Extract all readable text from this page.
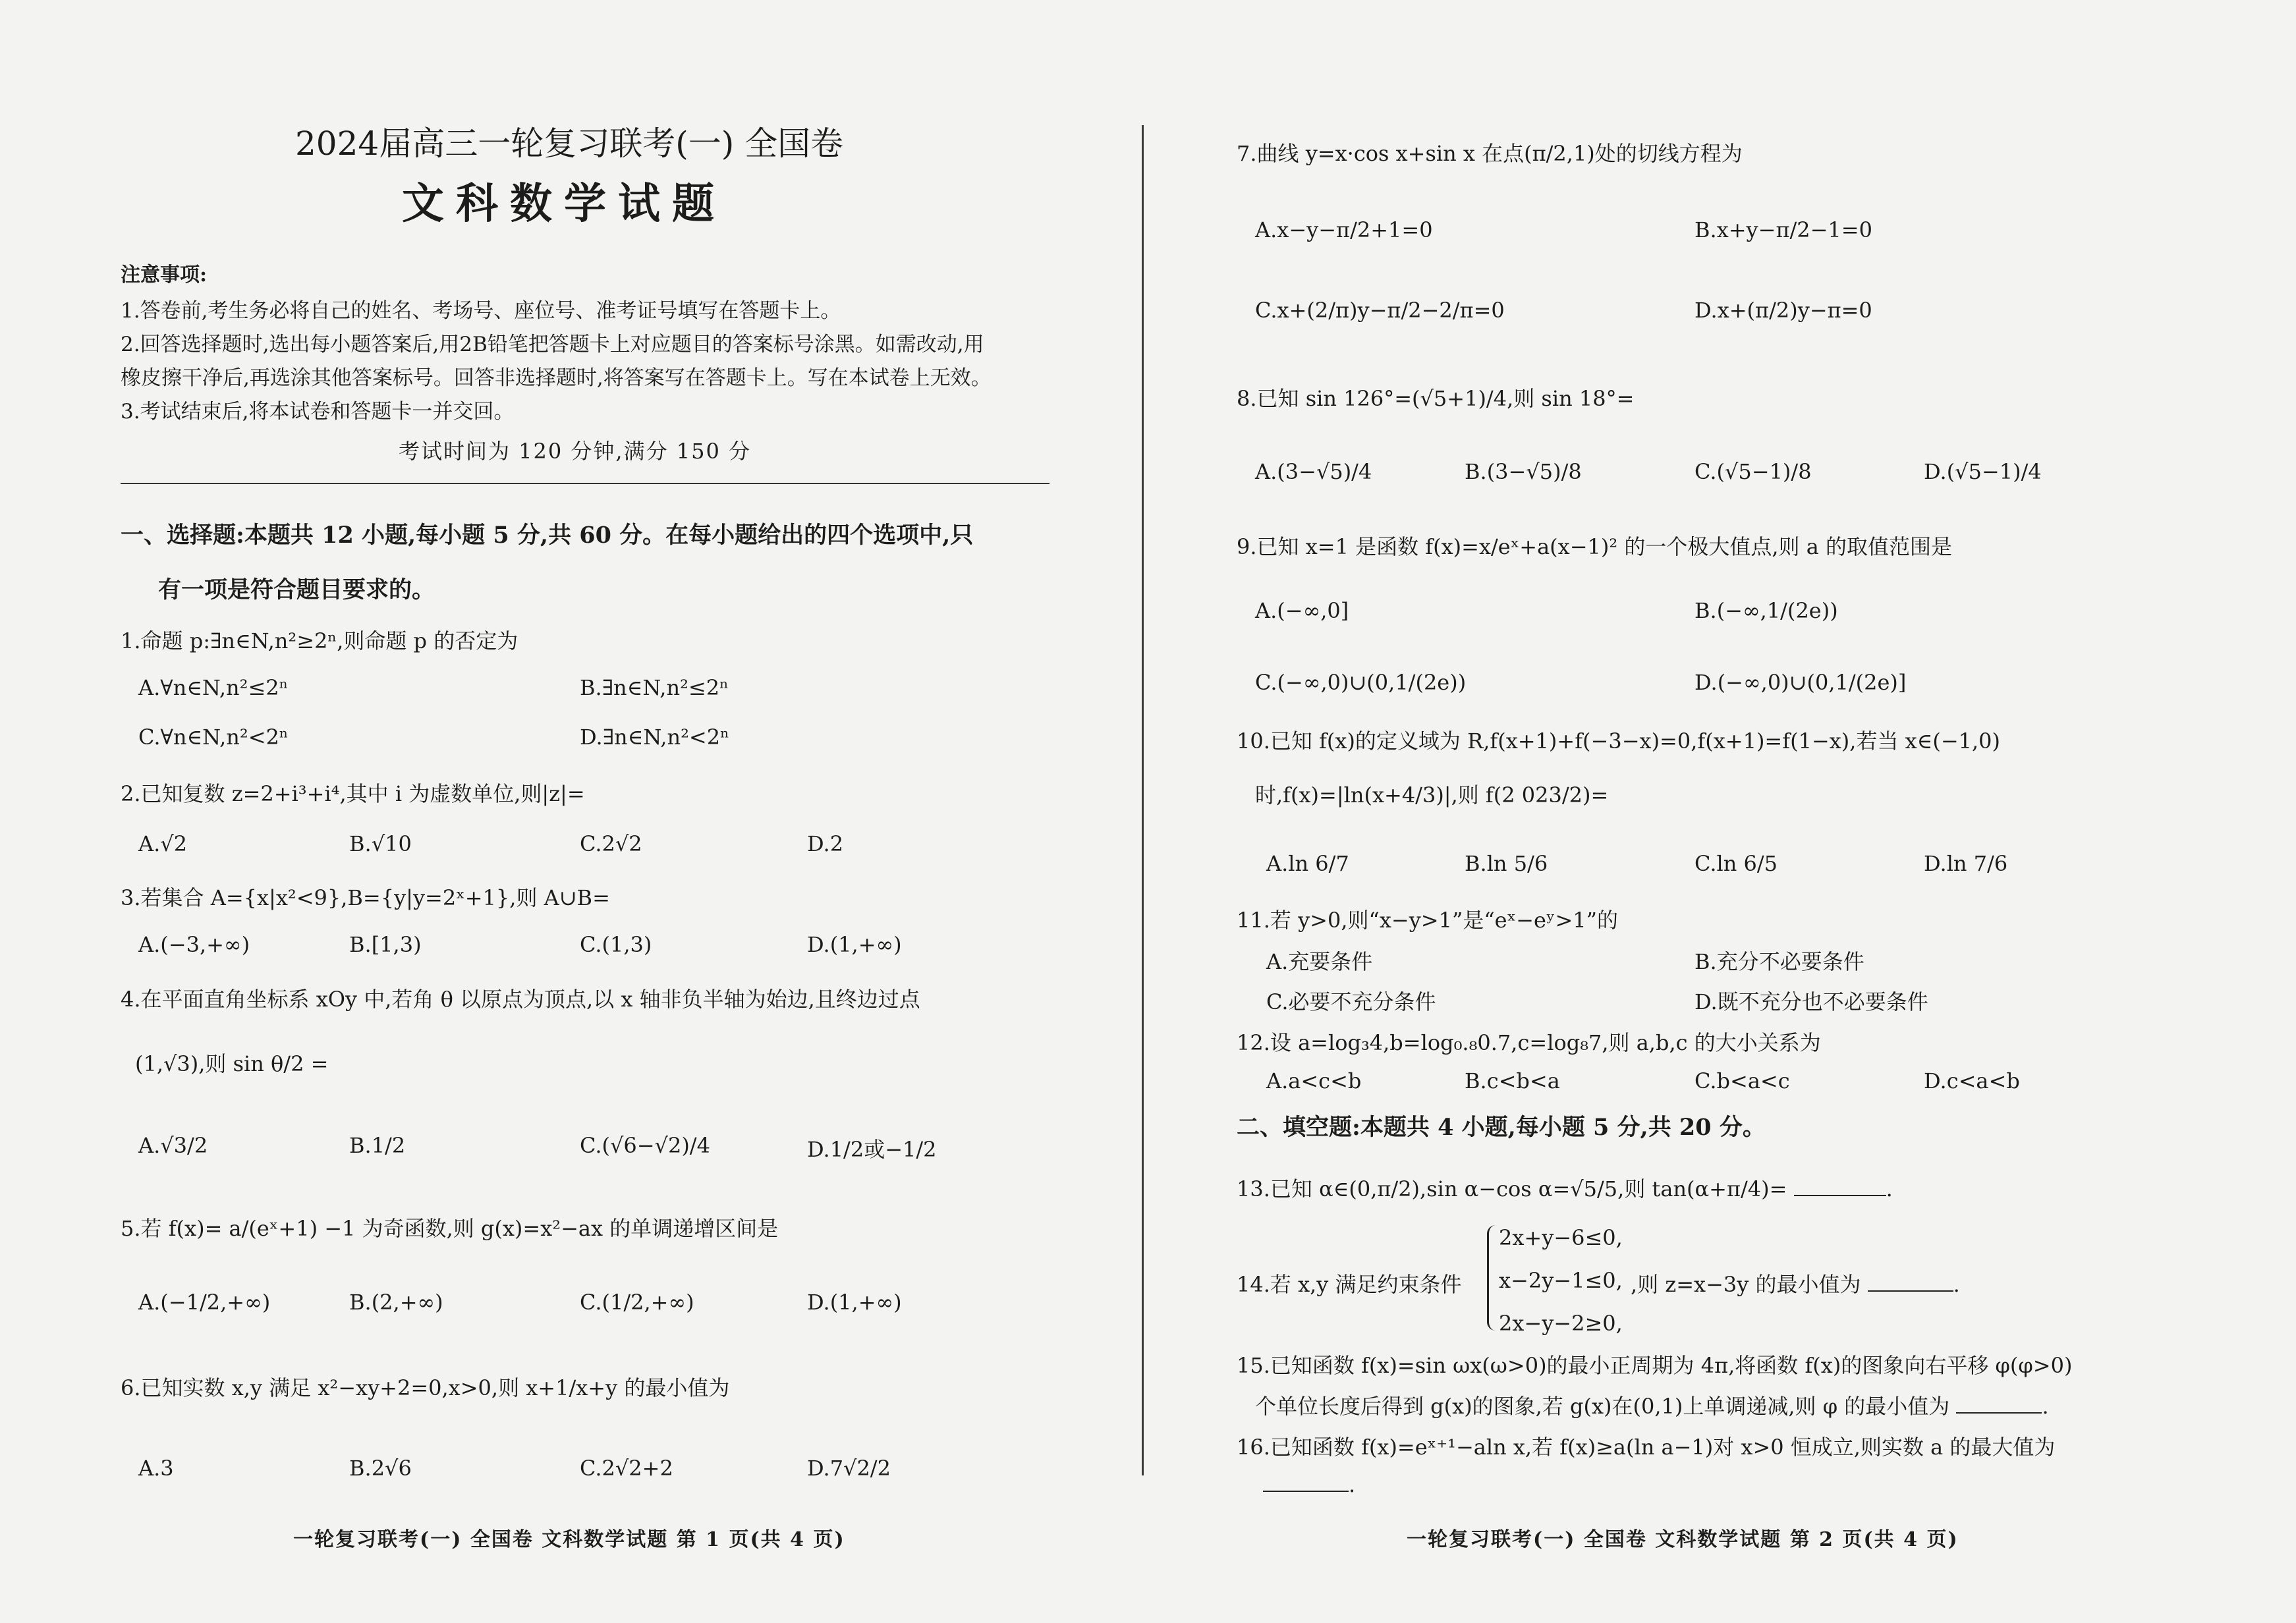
2024届高三一轮复习联考(一) 全国卷
文科数学试题
注意事项:
1.答卷前,考生务必将自己的姓名、考场号、座位号、准考证号填写在答题卡上。
2.回答选择题时,选出每小题答案后,用2B铅笔把答题卡上对应题目的答案标号涂黑。如需改动,用
橡皮擦干净后,再选涂其他答案标号。回答非选择题时,将答案写在答题卡上。写在本试卷上无效。
3.考试结束后,将本试卷和答题卡一并交回。
考试时间为 120 分钟,满分 150 分
一、选择题:本题共 12 小题,每小题 5 分,共 60 分。在每小题给出的四个选项中,只
有一项是符合题目要求的。
1.命题 p:∃n∈N,n²≥2ⁿ,则命题 p 的否定为
A.∀n∈N,n²≤2ⁿ	B.∃n∈N,n²≤2ⁿ
C.∀n∈N,n²<2ⁿ	D.∃n∈N,n²<2ⁿ
2.已知复数 z=2+i³+i⁴,其中 i 为虚数单位,则|z|=
A.√2	B.√10	C.2√2	D.2
3.若集合 A={x|x²<9},B={y|y=2ˣ+1},则 A∪B=
A.(−3,+∞)	B.[1,3)	C.(1,3)	D.(1,+∞)
4.在平面直角坐标系 xOy 中,若角 θ 以原点为顶点,以 x 轴非负半轴为始边,且终边过点
(1,√3),则 sin θ/2 =
A.√3/2	B.1/2	C.(√6−√2)/4	D.1/2或−1/2
5.若 f(x)= a/(eˣ+1) −1 为奇函数,则 g(x)=x²−ax 的单调递增区间是
A.(−1/2,+∞)	B.(2,+∞)	C.(1/2,+∞)	D.(1,+∞)
6.已知实数 x,y 满足 x²−xy+2=0,x>0,则 x+1/x+y 的最小值为
A.3	B.2√6	C.2√2+2	D.7√2/2
一轮复习联考(一) 全国卷 文科数学试题 第 1 页(共 4 页)
7.曲线 y=x·cos x+sin x 在点(π/2,1)处的切线方程为
A.x−y−π/2+1=0	B.x+y−π/2−1=0
C.x+(2/π)y−π/2−2/π=0	D.x+(π/2)y−π=0
8.已知 sin 126°=(√5+1)/4,则 sin 18°=
A.(3−√5)/4	B.(3−√5)/8	C.(√5−1)/8	D.(√5−1)/4
9.已知 x=1 是函数 f(x)=x/eˣ+a(x−1)² 的一个极大值点,则 a 的取值范围是
A.(−∞,0]	B.(−∞,1/(2e))
C.(−∞,0)∪(0,1/(2e))	D.(−∞,0)∪(0,1/(2e)]
10.已知 f(x)的定义域为 R,f(x+1)+f(−3−x)=0,f(x+1)=f(1−x),若当 x∈(−1,0)
时,f(x)=|ln(x+4/3)|,则 f(2 023/2)=
A.ln 6/7	B.ln 5/6	C.ln 6/5	D.ln 7/6
11.若 y>0,则“x−y>1”是“eˣ−eʸ>1”的
A.充要条件	B.充分不必要条件
C.必要不充分条件	D.既不充分也不必要条件
12.设 a=log₃4,b=log₀.₈0.7,c=log₈7,则 a,b,c 的大小关系为
A.a<c<b	B.c<b<a	C.b<a<c	D.c<a<b
二、填空题:本题共 4 小题,每小题 5 分,共 20 分。
13.已知 α∈(0,π/2),sin α−cos α=√5/5,则 tan(α+π/4)=	.
14.若 x,y 满足约束条件
2x+y−6≤0,
x−2y−1≤0,
2x−y−2≥0,
,则 z=x−3y 的最小值为	.
15.已知函数 f(x)=sin ωx(ω>0)的最小正周期为 4π,将函数 f(x)的图象向右平移 φ(φ>0)
个单位长度后得到 g(x)的图象,若 g(x)在(0,1)上单调递减,则 φ 的最小值为	.
16.已知函数 f(x)=eˣ⁺¹−aln x,若 f(x)≥a(ln a−1)对 x>0 恒成立,则实数 a 的最大值为
.
一轮复习联考(一) 全国卷 文科数学试题 第 2 页(共 4 页)
